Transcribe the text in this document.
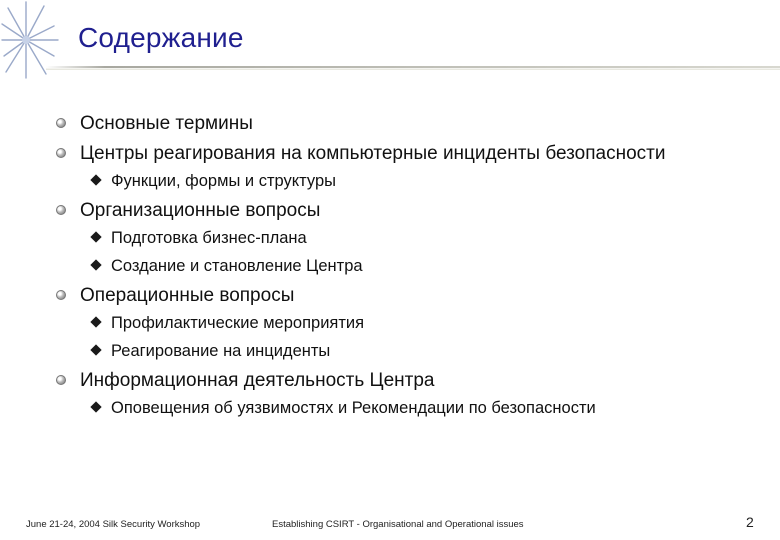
Содержание
Основные термины
Центры реагирования на компьютерные инциденты безопасности
Функции, формы и структуры
Организационные вопросы
Подготовка бизнес-плана
Создание и становление Центра
Операционные вопросы
Профилактические мероприятия
Реагирование на инциденты
Информационная деятельность Центра
Оповещения об уязвимостях и Рекомендации по безопасности
June 21-24, 2004 Silk Security Workshop	Establishing CSIRT - Organisational and Operational issues	2
